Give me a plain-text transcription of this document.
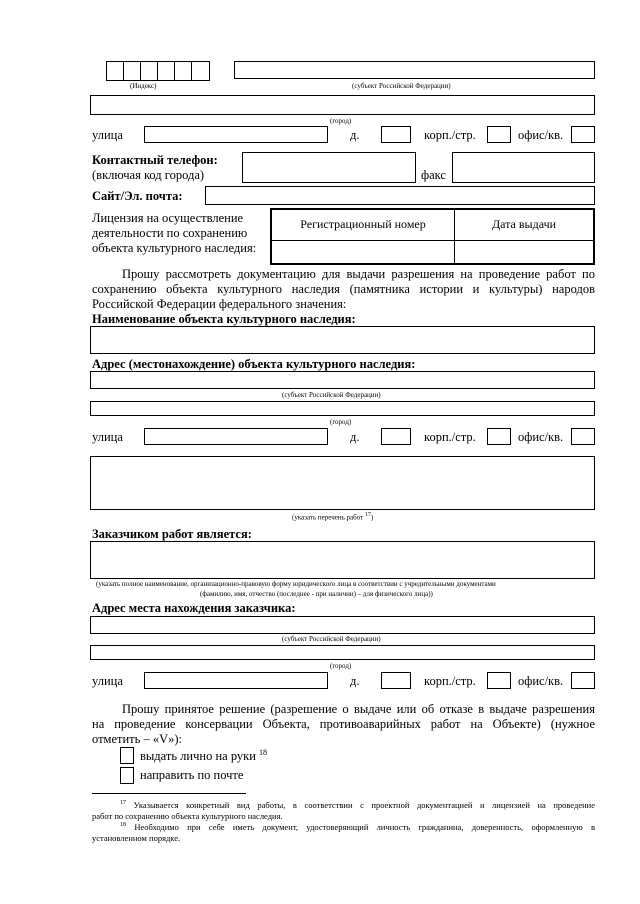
(Индекс)	(субъект Российской Федерации)
(город)
улица	д.	корп./стр.	офис/кв.
Контактный телефон:
(включая код города)	факс
Сайт/Эл. почта:
Лицензия на осуществление
деятельности по сохранению
объекта культурного наследия:
Регистрационный номер	Дата выдачи

Прошу рассмотреть документацию для выдачи разрешения на проведение работ по
сохранению объекта культурного наследия (памятника истории и культуры) народов
Российской Федерации федерального значения:
Наименование объекта культурного наследия:
Адрес (местонахождение) объекта культурного наследия:
(субъект Российской Федерации)
(город)
улица	д.	корп./стр.	офис/кв.
(указать перечень работ $^{17}$)
Заказчиком работ является:
(указать полное наименование, организационно-правовую форму юридического лица в соответствии с учредительными документами
(фамилию, имя, отчество (последнее - при наличии) – для физического лица))
Адрес места нахождения заказчика:
(субъект Российской Федерации)
(город)
улица	д.	корп./стр.	офис/кв.
Прошу принятое решение (разрешение о выдаче или об отказе в выдаче разрешения
на проведение консервации Объекта, противоаварийных работ на Объекте) (нужное
отметить – «V»):
выдать лично на руки $^{18}$
направить по почте
$^{17}$ Указывается конкретный вид работы, в соответствии с проектной документацией и лицензией на проведение
работ по сохранению объекта культурного наследия.
$^{18}$ Необходимо при себе иметь документ, удостоверяющий личность гражданина, доверенность, оформленную в
установленном порядке.
